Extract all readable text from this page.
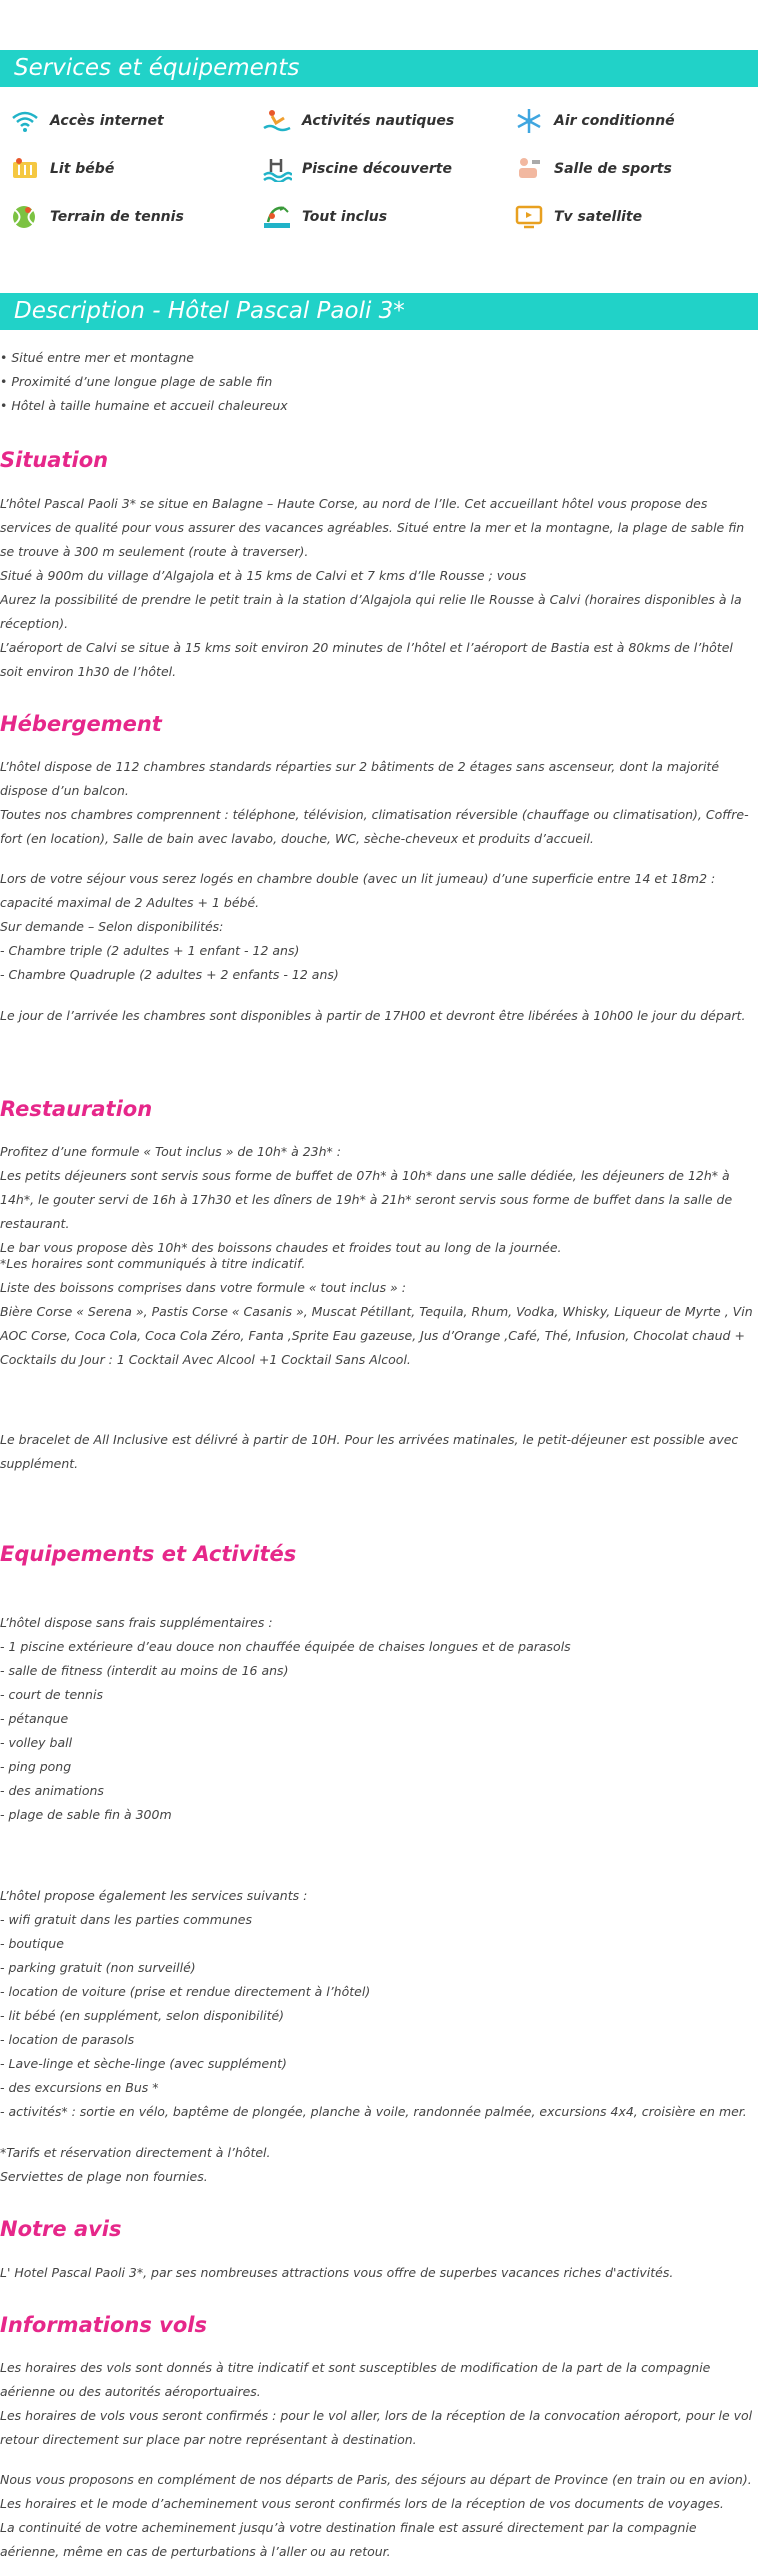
Services et équipements
Accès internet	Activités nautiques	Air conditionné
Lit bébé	Piscine découverte	Salle de sports
Terrain de tennis	Tout inclus	Tv satellite
Description - Hôtel Pascal Paoli 3*
• Situé entre mer et montagne
• Proximité d’une longue plage de sable fin
• Hôtel à taille humaine et accueil chaleureux
Situation
L’hôtel Pascal Paoli 3* se situe en Balagne – Haute Corse, au nord de l’Ile. Cet accueillant hôtel vous propose des services de qualité pour vous assurer des vacances agréables. Situé entre la mer et la montagne, la plage de sable fin se trouve à 300 m seulement (route à traverser).
Situé à 900m du village d’Algajola et à 15 kms de Calvi et 7 kms d’Ile Rousse ; vous
Aurez la possibilité de prendre le petit train à la station d’Algajola qui relie Ile Rousse à Calvi (horaires disponibles à la réception).
L’aéroport de Calvi se situe à 15 kms soit environ 20 minutes de l’hôtel et l’aéroport de Bastia est à 80kms de l’hôtel soit environ 1h30 de l’hôtel.
Hébergement
L’hôtel dispose de 112 chambres standards réparties sur 2 bâtiments de 2 étages sans ascenseur, dont la majorité dispose d’un balcon.
Toutes nos chambres comprennent : téléphone, télévision, climatisation réversible (chauffage ou climatisation), Coffre-fort (en location), Salle de bain avec lavabo, douche, WC, sèche-cheveux et produits d’accueil.
Lors de votre séjour vous serez logés en chambre double (avec un lit jumeau) d’une superficie entre 14 et 18m2 : capacité maximal de 2 Adultes + 1 bébé.
Sur demande – Selon disponibilités:
- Chambre triple (2 adultes + 1 enfant - 12 ans)
- Chambre Quadruple (2 adultes + 2 enfants - 12 ans)
Le jour de l’arrivée les chambres sont disponibles à partir de 17H00 et devront être libérées à 10h00 le jour du départ.
Restauration
Profitez d’une formule « Tout inclus » de 10h* à 23h* :
Les petits déjeuners sont servis sous forme de buffet de 07h* à 10h* dans une salle dédiée, les déjeuners de 12h* à 14h*, le gouter servi de 16h à 17h30 et les dîners de 19h* à 21h* seront servis sous forme de buffet dans la salle de restaurant.
Le bar vous propose dès 10h* des boissons chaudes et froides tout au long de la journée.
*Les horaires sont communiqués à titre indicatif.
Liste des boissons comprises dans votre formule « tout inclus » :
Bière Corse « Serena », Pastis Corse « Casanis », Muscat Pétillant, Tequila, Rhum, Vodka, Whisky, Liqueur de Myrte , Vin AOC Corse, Coca Cola, Coca Cola Zéro, Fanta ,Sprite Eau gazeuse, Jus d’Orange ,Café, Thé, Infusion, Chocolat chaud + Cocktails du Jour : 1 Cocktail Avec Alcool +1 Cocktail Sans Alcool.
Le bracelet de All Inclusive est délivré à partir de 10H. Pour les arrivées matinales, le petit-déjeuner est possible avec supplément.
Equipements et Activités
L’hôtel dispose sans frais supplémentaires :
- 1 piscine extérieure d’eau douce non chauffée équipée de chaises longues et de parasols
- salle de fitness (interdit au moins de 16 ans)
- court de tennis
- pétanque
- volley ball
- ping pong
- des animations
- plage de sable fin à 300m
L’hôtel propose également les services suivants :
- wifi gratuit dans les parties communes
- boutique
- parking gratuit (non surveillé)
- location de voiture (prise et rendue directement à l’hôtel)
- lit bébé (en supplément, selon disponibilité)
- location de parasols
- Lave-linge et sèche-linge (avec supplément)
- des excursions en Bus *
- activités* : sortie en vélo, baptême de plongée, planche à voile, randonnée palmée, excursions 4x4, croisière en mer.
*Tarifs et réservation directement à l’hôtel.
Serviettes de plage non fournies.
Notre avis
L' Hotel Pascal Paoli 3*, par ses nombreuses attractions vous offre de superbes vacances riches d'activités.
Informations vols
Les horaires des vols sont donnés à titre indicatif et sont susceptibles de modification de la part de la compagnie aérienne ou des autorités aéroportuaires.
Les horaires de vols vous seront confirmés : pour le vol aller, lors de la réception de la convocation aéroport, pour le vol retour directement sur place par notre représentant à destination.
Nous vous proposons en complément de nos départs de Paris, des séjours au départ de Province (en train ou en avion).
Les horaires et le mode d’acheminement vous seront confirmés lors de la réception de vos documents de voyages.
La continuité de votre acheminement jusqu’à votre destination finale est assuré directement par la compagnie aérienne, même en cas de perturbations à l’aller ou au retour.
